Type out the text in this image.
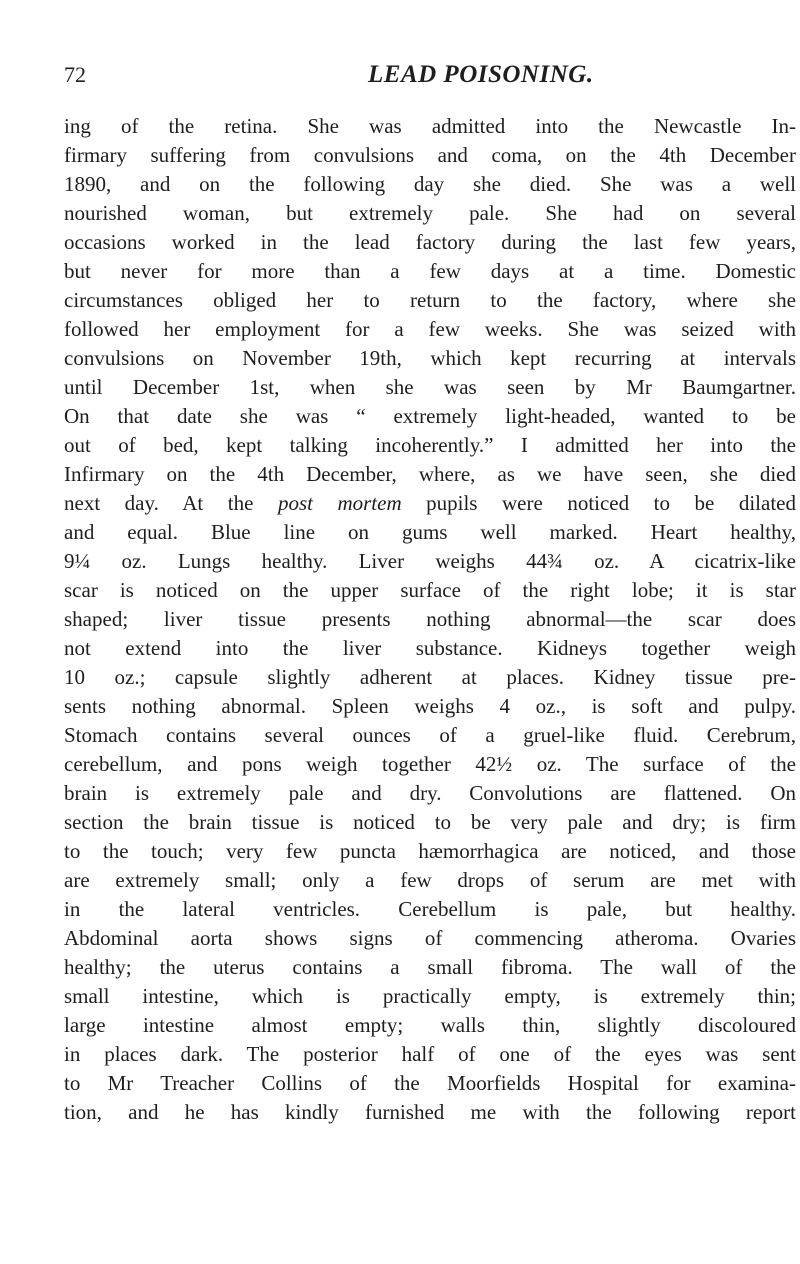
72	LEAD POISONING.
ing of the retina. She was admitted into the Newcastle In-
firmary suffering from convulsions and coma, on the 4th December
1890, and on the following day she died. She was a well
nourished woman, but extremely pale. She had on several
occasions worked in the lead factory during the last few years,
but never for more than a few days at a time. Domestic
circumstances obliged her to return to the factory, where she
followed her employment for a few weeks. She was seized with
convulsions on November 19th, which kept recurring at intervals
until December 1st, when she was seen by Mr Baumgartner.
On that date she was “ extremely light-headed, wanted to be
out of bed, kept talking incoherently.” I admitted her into the
Infirmary on the 4th December, where, as we have seen, she died
next day. At the post mortem pupils were noticed to be dilated
and equal. Blue line on gums well marked. Heart healthy,
9¼ oz. Lungs healthy. Liver weighs 44¾ oz. A cicatrix-like
scar is noticed on the upper surface of the right lobe; it is star
shaped; liver tissue presents nothing abnormal—the scar does
not extend into the liver substance. Kidneys together weigh
10 oz.; capsule slightly adherent at places. Kidney tissue pre-
sents nothing abnormal. Spleen weighs 4 oz., is soft and pulpy.
Stomach contains several ounces of a gruel-like fluid. Cerebrum,
cerebellum, and pons weigh together 42½ oz. The surface of the
brain is extremely pale and dry. Convolutions are flattened. On
section the brain tissue is noticed to be very pale and dry; is firm
to the touch; very few puncta hæmorrhagica are noticed, and those
are extremely small; only a few drops of serum are met with
in the lateral ventricles. Cerebellum is pale, but healthy.
Abdominal aorta shows signs of commencing atheroma. Ovaries
healthy; the uterus contains a small fibroma. The wall of the
small intestine, which is practically empty, is extremely thin;
large intestine almost empty; walls thin, slightly discoloured
in places dark. The posterior half of one of the eyes was sent
to Mr Treacher Collins of the Moorfields Hospital for examina-
tion, and he has kindly furnished me with the following report
